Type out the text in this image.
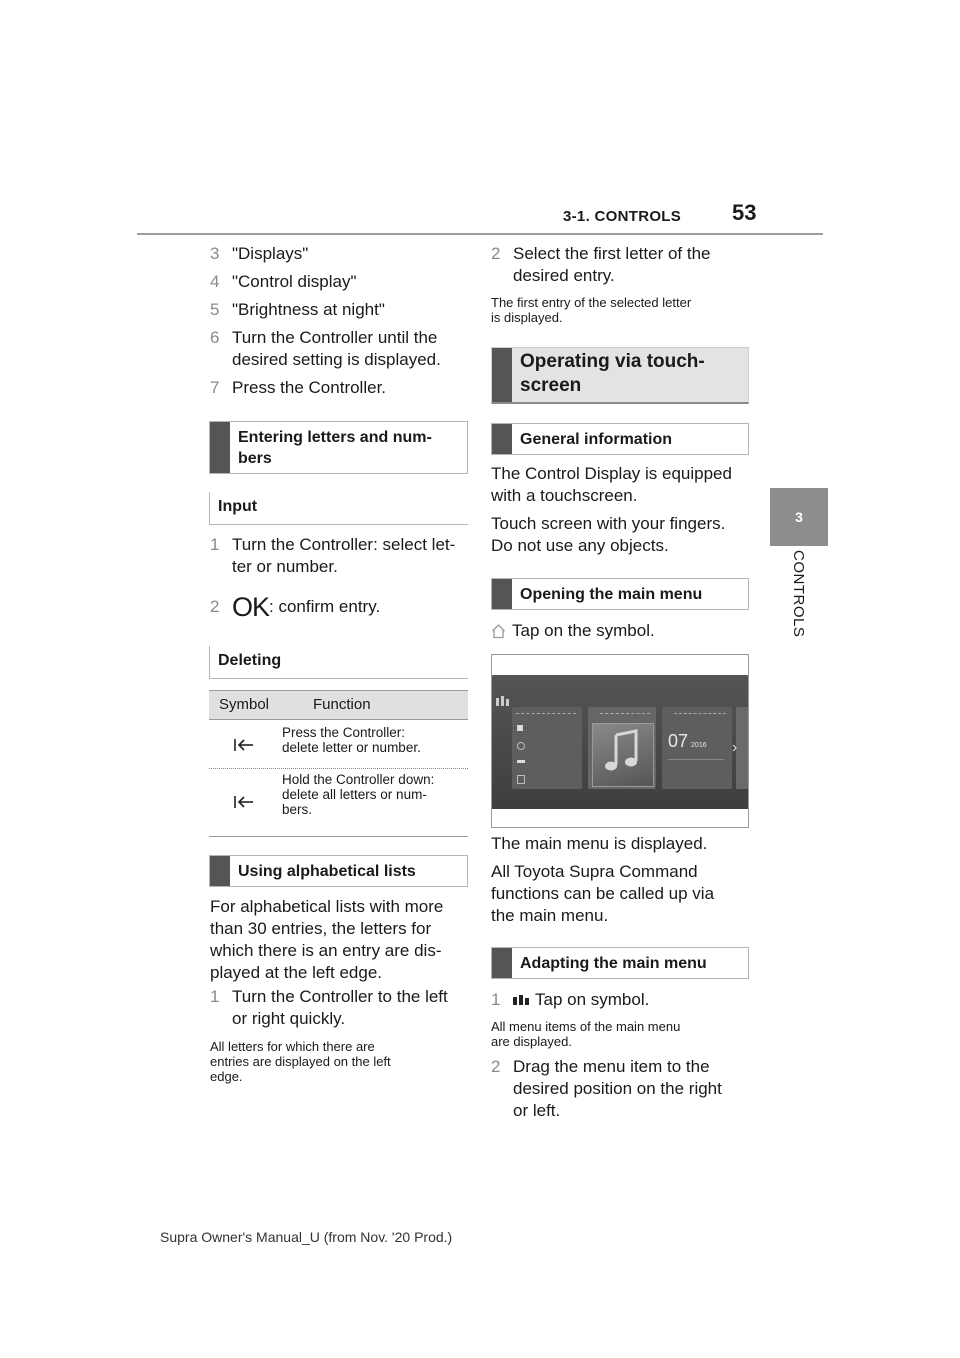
3-1. CONTROLS 53
3
CONTROLS
3 "Displays"
4 "Control display"
5 "Brightness at night"
6 Turn the Controller until the
desired setting is displayed.
7 Press the Controller.
Entering letters and num-
bers
Input
1 Turn the Controller: select let-
ter or number.
2 OK: confirm entry.
Deleting
Symbol	Function
Press the Controller:
delete letter or number.
Hold the Controller down:
delete all letters or num-
bers.
Using alphabetical lists
For alphabetical lists with more
than 30 entries, the letters for
which there is an entry are dis-
played at the left edge.
1 Turn the Controller to the left
or right quickly.
All letters for which there are
entries are displayed on the left
edge.
2 Select the first letter of the
desired entry.
The first entry of the selected letter
is displayed.
Operating via touch-
screen
General information
The Control Display is equipped
with a touchscreen.
Touch screen with your fingers.
Do not use any objects.
Opening the main menu
Tap on the symbol.
07 2016 ›
The main menu is displayed.
All Toyota Supra Command
functions can be called up via
the main menu.
Adapting the main menu
1 Tap on symbol.
All menu items of the main menu
are displayed.
2 Drag the menu item to the
desired position on the right
or left.
Supra Owner's Manual_U (from Nov. '20 Prod.)
